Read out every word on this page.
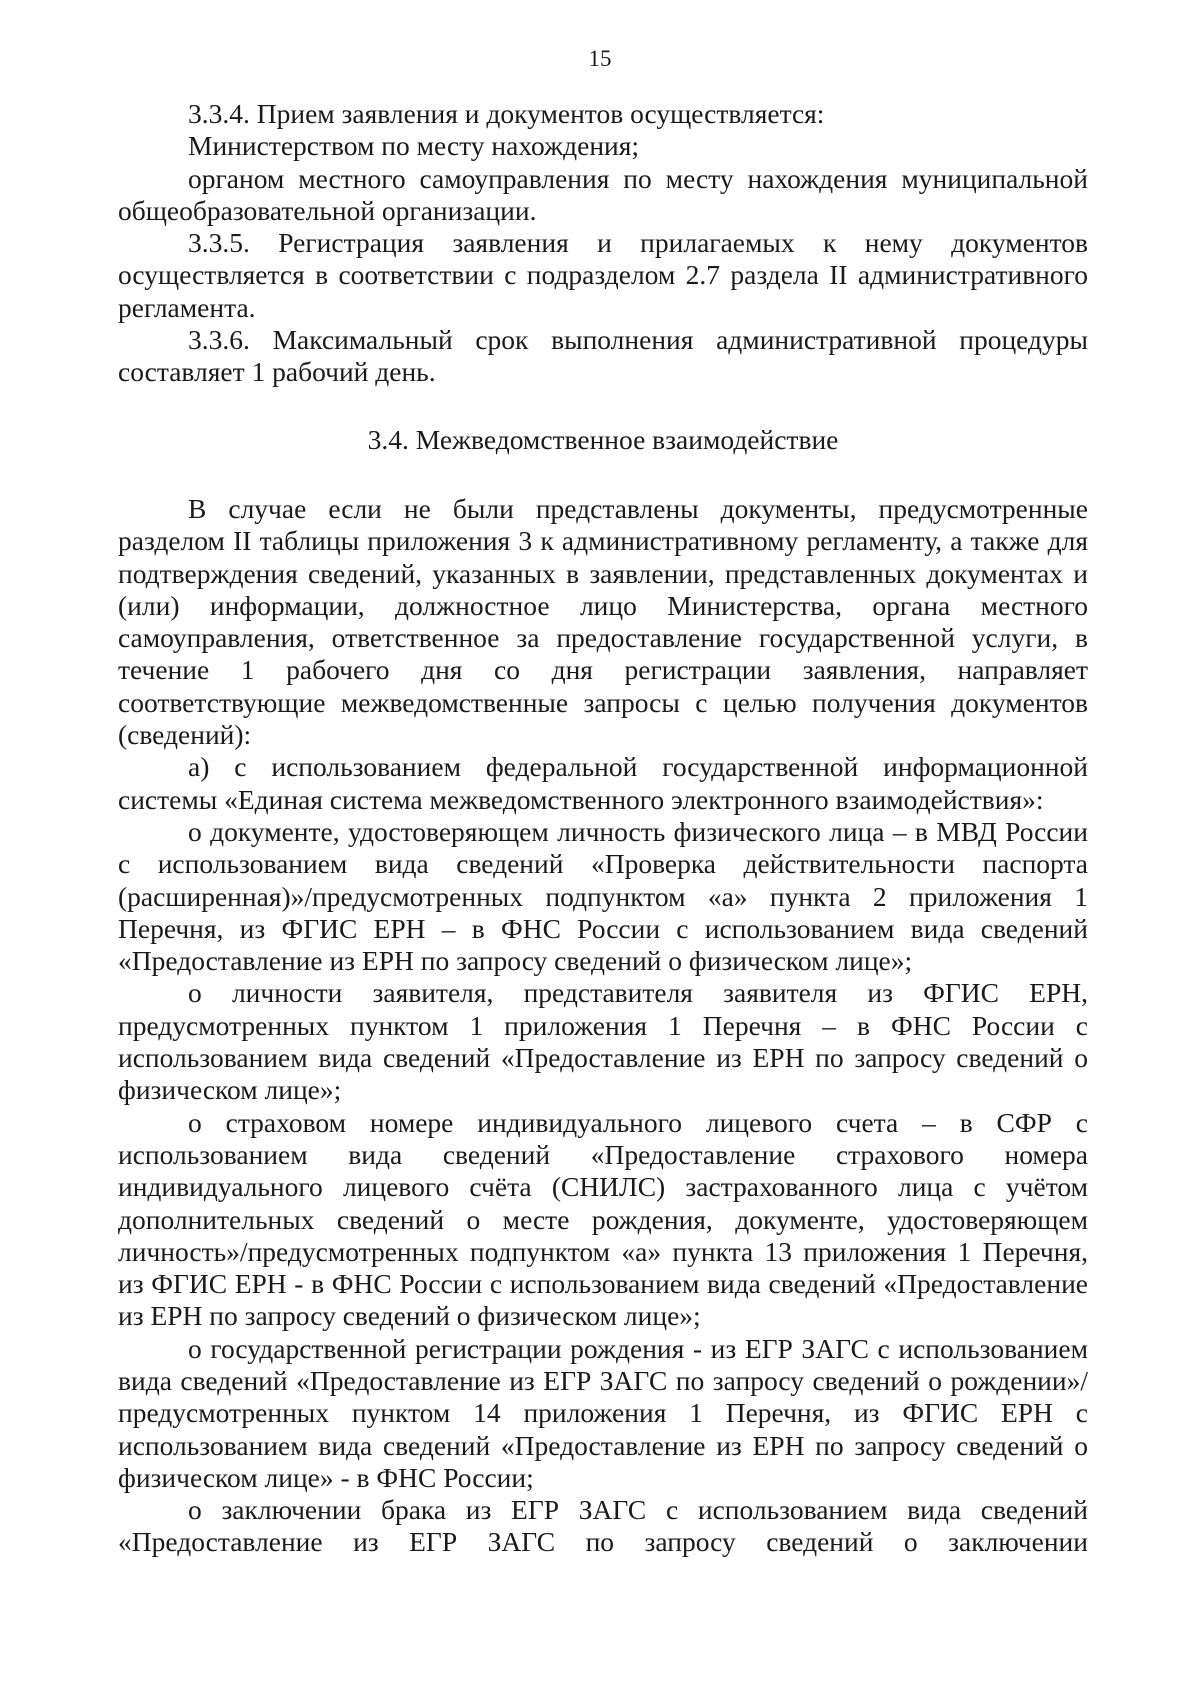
15

3.3.4. Прием заявления и документов осуществляется:

Министерством по месту нахождения;

органом местного самоуправления по месту нахождения муниципальной общеобразовательной организации.

3.3.5. Регистрация заявления и прилагаемых к нему документов осуществляется в соответствии с подразделом 2.7 раздела II административного регламента.

3.3.6. Максимальный срок выполнения административной процедуры составляет 1 рабочий день.

3.4. Межведомственное взаимодействие

В случае если не были представлены документы, предусмотренные разделом II таблицы приложения 3 к административному регламенту, а также для подтверждения сведений, указанных в заявлении, представленных документах и (или) информации, должностное лицо Министерства, органа местного самоуправления, ответственное за предоставление государственной услуги, в течение 1 рабочего дня со дня регистрации заявления, направляет соответствующие межведомственные запросы с целью получения документов (сведений):

а) с использованием федеральной государственной информационной системы «Единая система межведомственного электронного взаимодействия»:

о документе, удостоверяющем личность физического лица – в МВД России с использованием вида сведений «Проверка действительности паспорта (расширенная)»/предусмотренных подпунктом «а» пункта 2 приложения 1 Перечня, из ФГИС ЕРН – в ФНС России с использованием вида сведений «Предоставление из ЕРН по запросу сведений о физическом лице»;

о личности заявителя, представителя заявителя из ФГИС ЕРН, предусмотренных пунктом 1 приложения 1 Перечня – в ФНС России с использованием вида сведений «Предоставление из ЕРН по запросу сведений о физическом лице»;

о страховом номере индивидуального лицевого счета – в СФР с использованием вида сведений «Предоставление страхового номера индивидуального лицевого счёта (СНИЛС) застрахованного лица с учётом дополнительных сведений о месте рождения, документе, удостоверяющем личность»/предусмотренных подпунктом «а» пункта 13 приложения 1 Перечня, из ФГИС ЕРН - в ФНС России с использованием вида сведений «Предоставление из ЕРН по запросу сведений о физическом лице»;

о государственной регистрации рождения - из ЕГР ЗАГС с использованием вида сведений «Предоставление из ЕГР ЗАГС по запросу сведений о рождении»/предусмотренных пунктом 14 приложения 1 Перечня, из ФГИС ЕРН с использованием вида сведений «Предоставление из ЕРН по запросу сведений о физическом лице» - в ФНС России;

о заключении брака из ЕГР ЗАГС с использованием вида сведений «Предоставление из ЕГР ЗАГС по запросу сведений о заключении
